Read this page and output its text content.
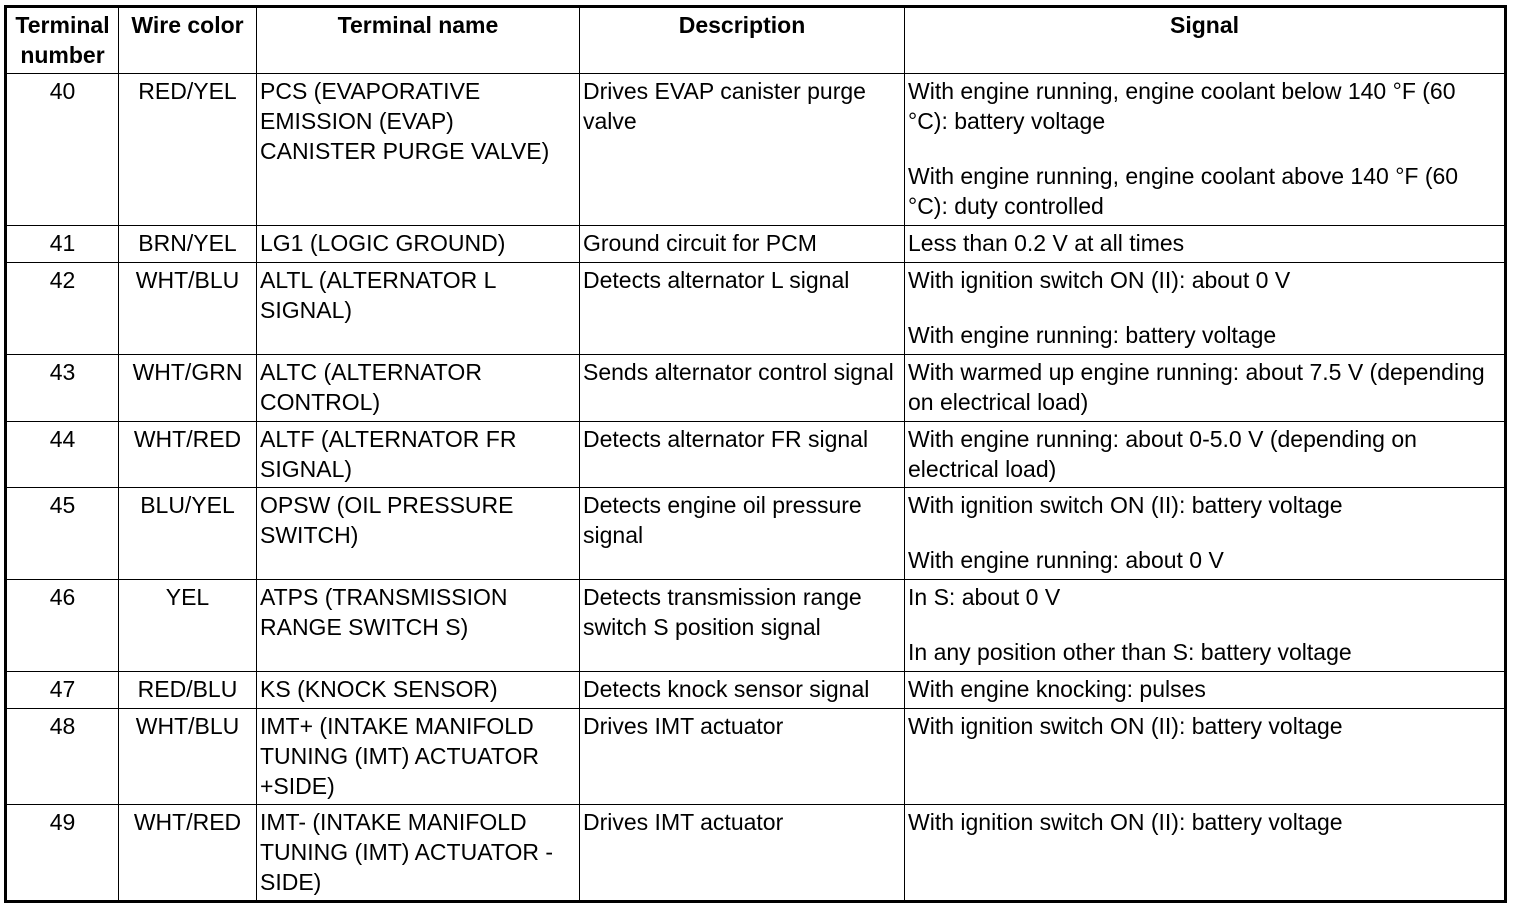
Terminal number	Wire color	Terminal name	Description	Signal
40	RED/YEL	PCS (EVAPORATIVE EMISSION (EVAP) CANISTER PURGE VALVE)	Drives EVAP canister purge valve	With engine running, engine coolant below 140 °F (60 °C): battery voltage
With engine running, engine coolant above 140 °F (60 °C): duty controlled

41	BRN/YEL	LG1 (LOGIC GROUND)	Ground circuit for PCM	Less than 0.2 V at all times

42	WHT/BLU	ALTL (ALTERNATOR L SIGNAL)	Detects alternator L signal	With ignition switch ON (II): about 0 V
With engine running: battery voltage

43	WHT/GRN	ALTC (ALTERNATOR CONTROL)	Sends alternator control signal	With warmed up engine running: about 7.5 V (depending on electrical load)

44	WHT/RED	ALTF (ALTERNATOR FR SIGNAL)	Detects alternator FR signal	With engine running: about 0-5.0 V (depending on electrical load)

45	BLU/YEL	OPSW (OIL PRESSURE SWITCH)	Detects engine oil pressure signal	With ignition switch ON (II): battery voltage
With engine running: about 0 V

46	YEL	ATPS (TRANSMISSION RANGE SWITCH S)	Detects transmission range switch S position signal	In S: about 0 V
In any position other than S: battery voltage

47	RED/BLU	KS (KNOCK SENSOR)	Detects knock sensor signal	With engine knocking: pulses

48	WHT/BLU	IMT+ (INTAKE MANIFOLD TUNING (IMT) ACTUATOR +SIDE)	Drives IMT actuator	With ignition switch ON (II): battery voltage

49	WHT/RED	IMT- (INTAKE MANIFOLD TUNING (IMT) ACTUATOR -SIDE)	Drives IMT actuator	With ignition switch ON (II): battery voltage
